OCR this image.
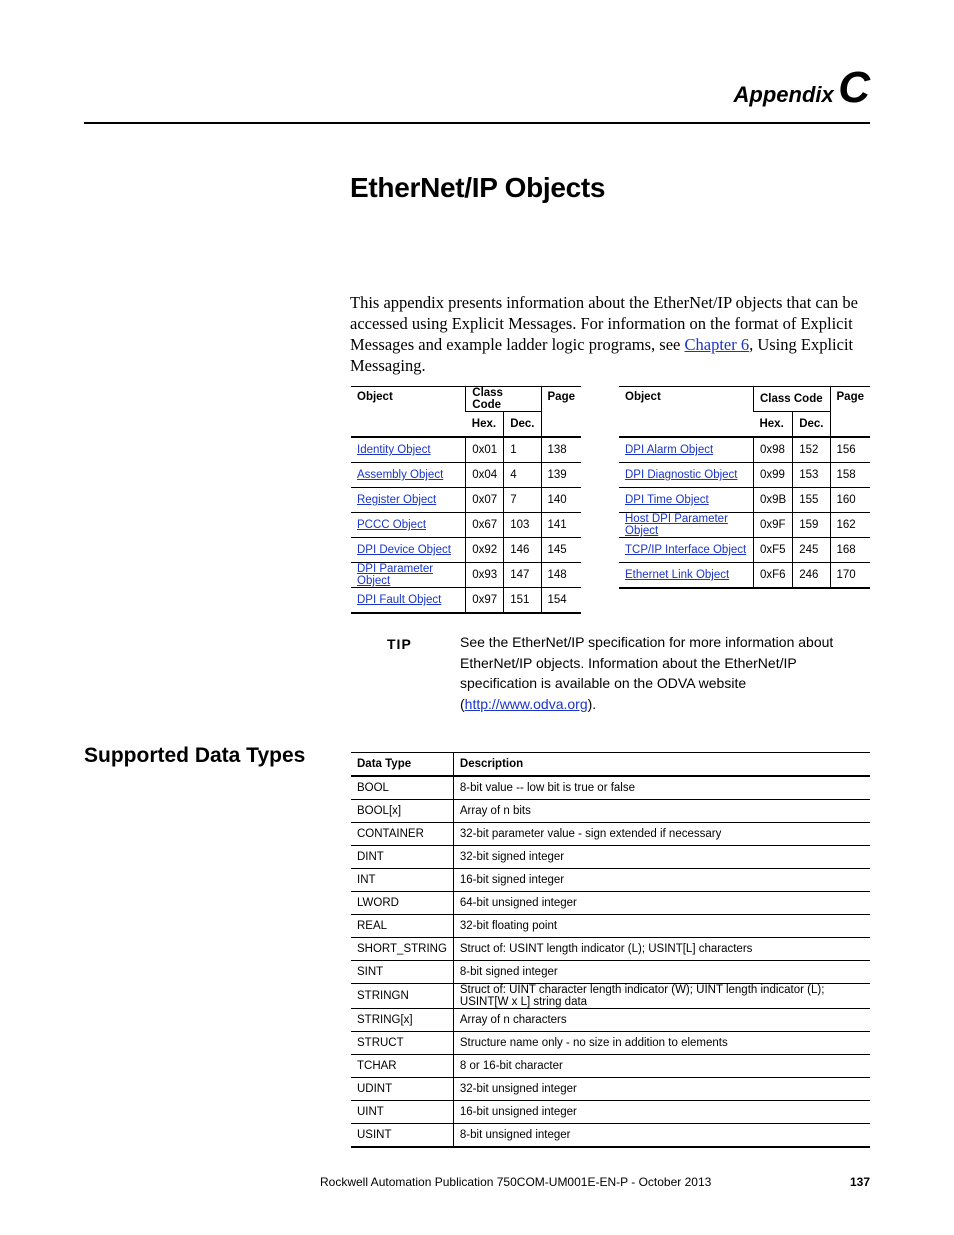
Appendix C
EtherNet/IP Objects
This appendix presents information about the EtherNet/IP objects that can be accessed using Explicit Messages. For information on the format of Explicit Messages and example ladder logic programs, see Chapter 6, Using Explicit Messaging.
Object	Class Code		Page
	Hex.	Dec.	
Identity Object	0x01	1	138
Assembly Object	0x04	4	139
Register Object	0x07	7	140
PCCC Object	0x67	103	141
DPI Device Object	0x92	146	145
DPI Parameter Object	0x93	147	148
DPI Fault Object	0x97	151	154
Object	Class Code		Page
	Hex.	Dec.	
DPI Alarm Object	0x98	152	156
DPI Diagnostic Object	0x99	153	158
DPI Time Object	0x9B	155	160
Host DPI Parameter Object	0x9F	159	162
TCP/IP Interface Object	0xF5	245	168
Ethernet Link Object	0xF6	246	170
TIP	See the EtherNet/IP specification for more information about EtherNet/IP objects. Information about the EtherNet/IP specification is available on the ODVA website (http://www.odva.org).
Supported Data Types	Data Type	Description
BOOL	8-bit value -- low bit is true or false
BOOL[x]	Array of n bits
CONTAINER	32-bit parameter value - sign extended if necessary
DINT	32-bit signed integer
INT	16-bit signed integer
LWORD	64-bit unsigned integer
REAL	32-bit floating point
SHORT_STRING	Struct of: USINT length indicator (L); USINT[L] characters
SINT	8-bit signed integer
STRINGN	Struct of: UINT character length indicator (W); UINT length indicator (L); USINT[W x L] string data
STRING[x]	Array of n characters
STRUCT	Structure name only - no size in addition to elements
TCHAR	8 or 16-bit character
UDINT	32-bit unsigned integer
UINT	16-bit unsigned integer
USINT	8-bit unsigned integer
Rockwell Automation Publication 750COM-UM001E-EN-P - October 2013	137
